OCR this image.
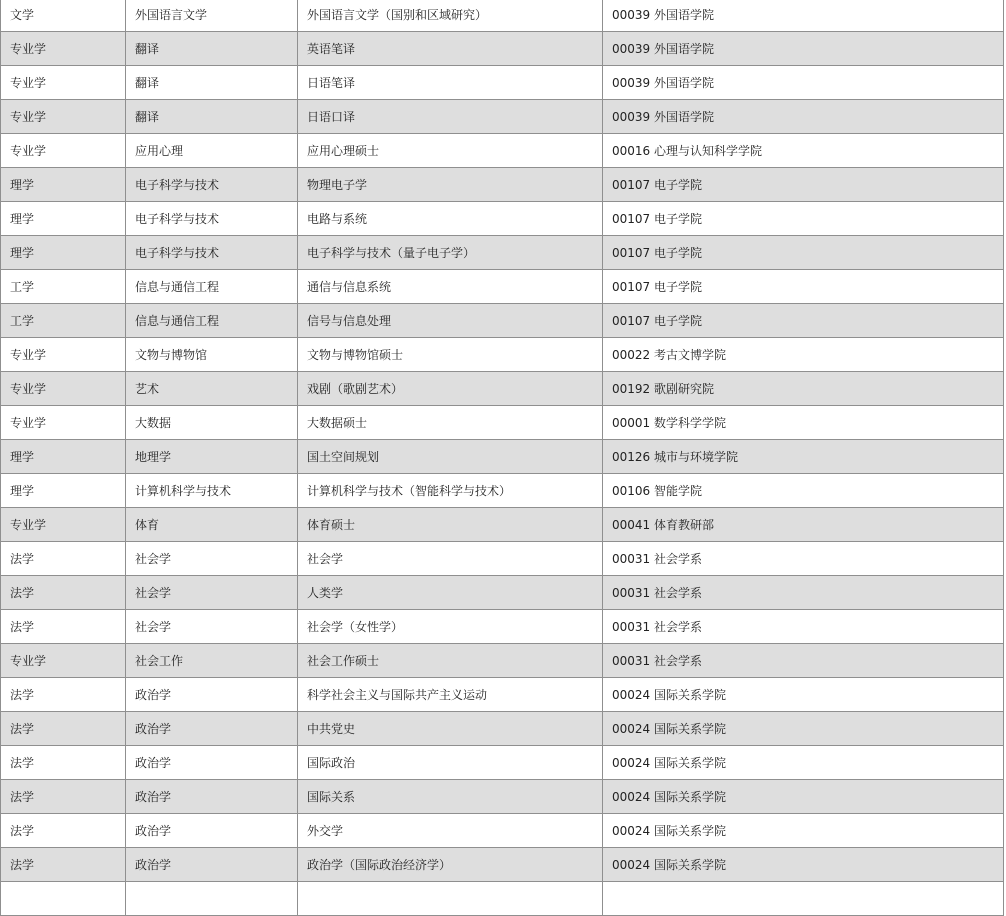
文学	外国语言文学	外国语言文学（国别和区域研究）	00039 外国语学院
专业学	翻译	英语笔译	00039 外国语学院
专业学	翻译	日语笔译	00039 外国语学院
专业学	翻译	日语口译	00039 外国语学院
专业学	应用心理	应用心理硕士	00016 心理与认知科学学院
理学	电子科学与技术	物理电子学	00107 电子学院
理学	电子科学与技术	电路与系统	00107 电子学院
理学	电子科学与技术	电子科学与技术（量子电子学）	00107 电子学院
工学	信息与通信工程	通信与信息系统	00107 电子学院
工学	信息与通信工程	信号与信息处理	00107 电子学院
专业学	文物与博物馆	文物与博物馆硕士	00022 考古文博学院
专业学	艺术	戏剧（歌剧艺术）	00192 歌剧研究院
专业学	大数据	大数据硕士	00001 数学科学学院
理学	地理学	国土空间规划	00126 城市与环境学院
理学	计算机科学与技术	计算机科学与技术（智能科学与技术）	00106 智能学院
专业学	体育	体育硕士	00041 体育教研部
法学	社会学	社会学	00031 社会学系
法学	社会学	人类学	00031 社会学系
法学	社会学	社会学（女性学）	00031 社会学系
专业学	社会工作	社会工作硕士	00031 社会学系
法学	政治学	科学社会主义与国际共产主义运动	00024 国际关系学院
法学	政治学	中共党史	00024 国际关系学院
法学	政治学	国际政治	00024 国际关系学院
法学	政治学	国际关系	00024 国际关系学院
法学	政治学	外交学	00024 国际关系学院
法学	政治学	政治学（国际政治经济学）	00024 国际关系学院
